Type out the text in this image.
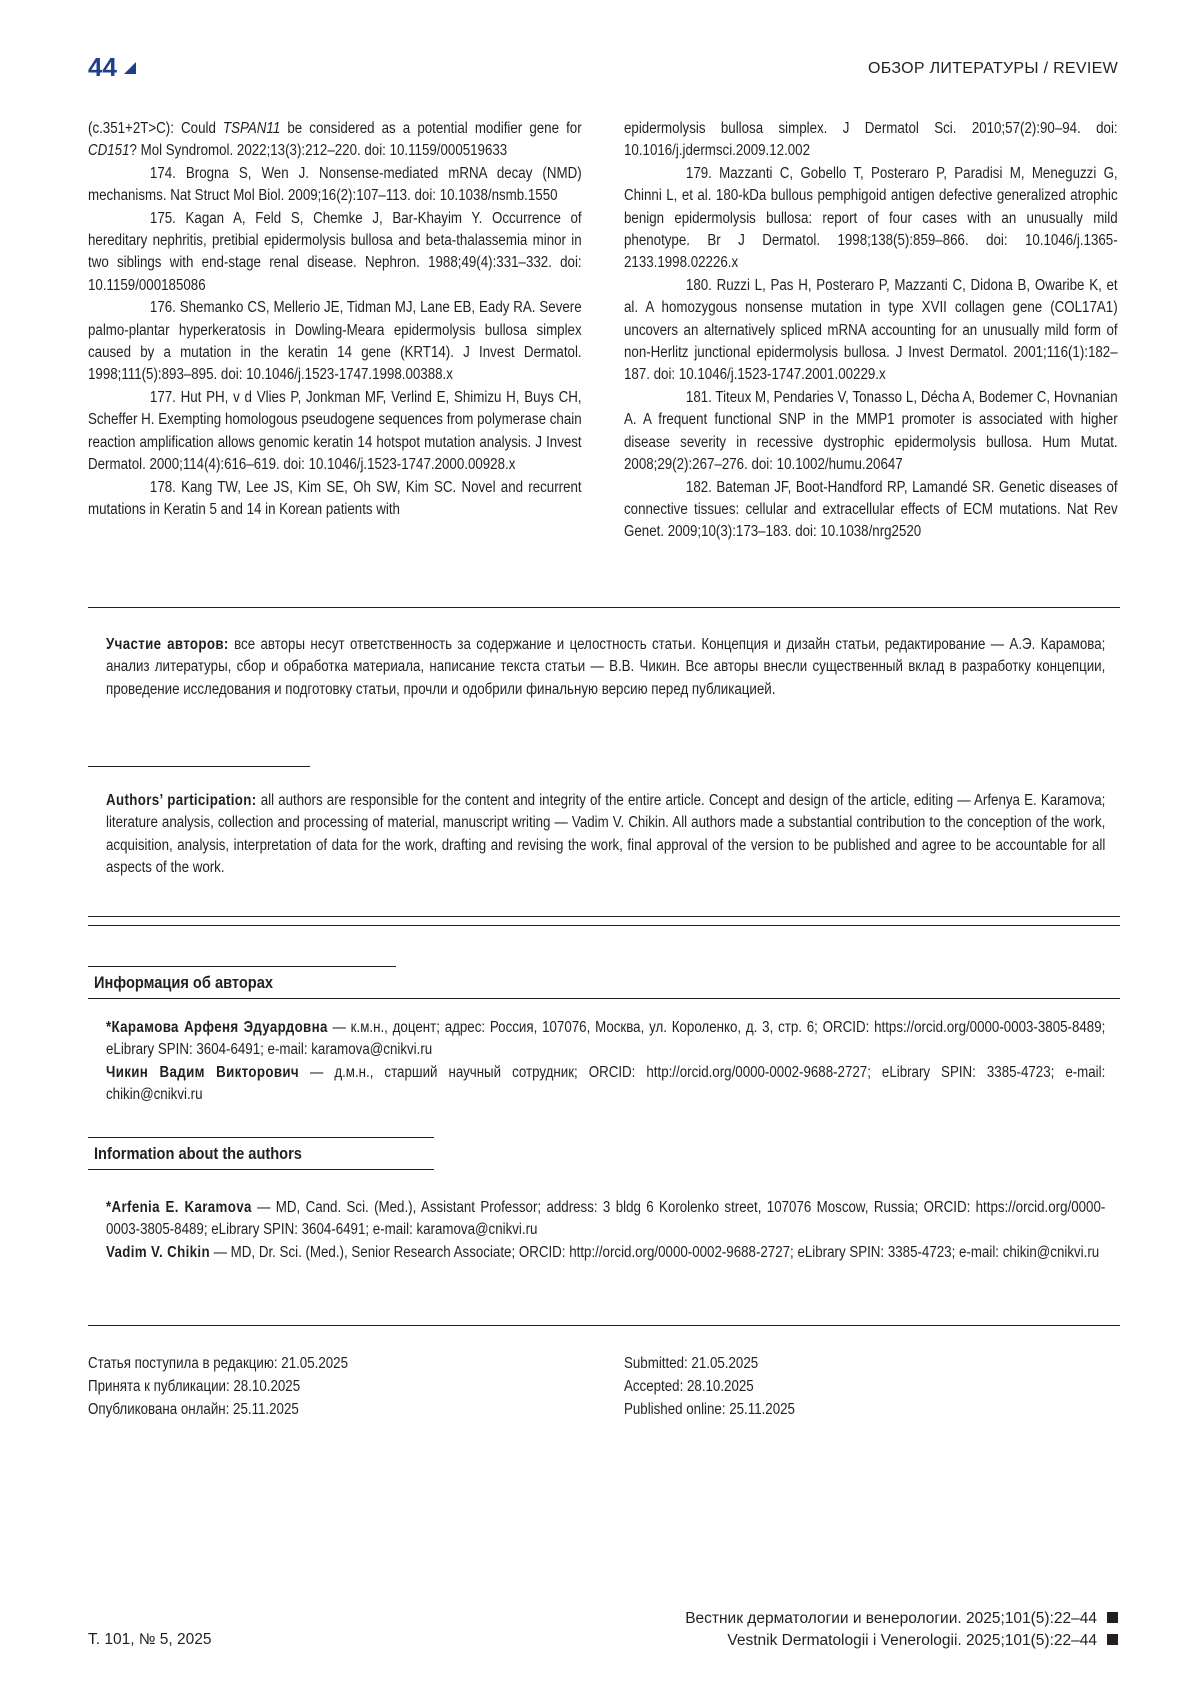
44	ОБЗОР ЛИТЕРАТУРЫ / REVIEW

(c.351+2T>C): Could TSPAN11 be considered as a potential modifier gene for CD151? Mol Syndromol. 2022;13(3):212–220. doi: 10.1159/000519633

174. Brogna S, Wen J. Nonsense-mediated mRNA decay (NMD) mechanisms. Nat Struct Mol Biol. 2009;16(2):107–113. doi: 10.1038/nsmb.1550

175. Kagan A, Feld S, Chemke J, Bar-Khayim Y. Occurrence of hereditary nephritis, pretibial epidermolysis bullosa and beta-thalassemia minor in two siblings with end-stage renal disease. Nephron. 1988;49(4):331–332. doi: 10.1159/000185086

176. Shemanko CS, Mellerio JE, Tidman MJ, Lane EB, Eady RA. Severe palmo-plantar hyperkeratosis in Dowling-Meara epidermolysis bullosa simplex caused by a mutation in the keratin 14 gene (KRT14). J Invest Dermatol. 1998;111(5):893–895. doi: 10.1046/j.1523-1747.1998.00388.x

177. Hut PH, v d Vlies P, Jonkman MF, Verlind E, Shimizu H, Buys CH, Scheffer H. Exempting homologous pseudogene sequences from polymerase chain reaction amplification allows genomic keratin 14 hotspot mutation analysis. J Invest Dermatol. 2000;114(4):616–619. doi: 10.1046/j.1523-1747.2000.00928.x

178. Kang TW, Lee JS, Kim SE, Oh SW, Kim SC. Novel and recurrent mutations in Keratin 5 and 14 in Korean patients with

epidermolysis bullosa simplex. J Dermatol Sci. 2010;57(2):90–94. doi: 10.1016/j.jdermsci.2009.12.002

179. Mazzanti C, Gobello T, Posteraro P, Paradisi M, Meneguzzi G, Chinni L, et al. 180-kDa bullous pemphigoid antigen defective generalized atrophic benign epidermolysis bullosa: report of four cases with an unusually mild phenotype. Br J Dermatol. 1998;138(5):859–866. doi: 10.1046/j.1365-2133.1998.02226.x

180. Ruzzi L, Pas H, Posteraro P, Mazzanti C, Didona B, Owaribe K, et al. A homozygous nonsense mutation in type XVII collagen gene (COL17A1) uncovers an alternatively spliced mRNA accounting for an unusually mild form of non-Herlitz junctional epidermolysis bullosa. J Invest Dermatol. 2001;116(1):182–187. doi: 10.1046/j.1523-1747.2001.00229.x

181. Titeux M, Pendaries V, Tonasso L, Décha A, Bodemer C, Hovnanian A. A frequent functional SNP in the MMP1 promoter is associated with higher disease severity in recessive dystrophic epidermolysis bullosa. Hum Mutat. 2008;29(2):267–276. doi: 10.1002/humu.20647

182. Bateman JF, Boot-Handford RP, Lamandé SR. Genetic diseases of connective tissues: cellular and extracellular effects of ECM mutations. Nat Rev Genet. 2009;10(3):173–183. doi: 10.1038/nrg2520

Участие авторов: все авторы несут ответственность за содержание и целостность статьи. Концепция и дизайн статьи, редактирование — А.Э. Карамова; анализ литературы, сбор и обработка материала, написание текста статьи — В.В. Чикин. Все авторы внесли существенный вклад в разработку концепции, проведение исследования и подготовку статьи, прочли и одобрили финальную версию перед публикацией.

Authors’ participation: all authors are responsible for the content and integrity of the entire article. Concept and design of the article, editing — Arfenya E. Karamova; literature analysis, collection and processing of material, manuscript writing — Vadim V. Chikin. All authors made a substantial contribution to the conception of the work, acquisition, analysis, interpretation of data for the work, drafting and revising the work, final approval of the version to be published and agree to be accountable for all aspects of the work.

Информация об авторах

*Карамова Арфеня Эдуардовна — к.м.н., доцент; адрес: Россия, 107076, Москва, ул. Короленко, д. 3, стр. 6; ORCID: https://orcid.org/0000-0003-3805-8489; eLibrary SPIN: 3604-6491; e-mail: karamova@cnikvi.ru

Чикин Вадим Викторович — д.м.н., старший научный сотрудник; ORCID: http://orcid.org/0000-0002-9688-2727; eLibrary SPIN: 3385-4723; e-mail: chikin@cnikvi.ru

Information about the authors

*Arfenia E. Karamova — MD, Cand. Sci. (Med.), Assistant Professor; address: 3 bldg 6 Korolenko street, 107076 Moscow, Russia; ORCID: https://orcid.org/0000-0003-3805-8489; eLibrary SPIN: 3604-6491; e-mail: karamova@cnikvi.ru

Vadim V. Chikin — MD, Dr. Sci. (Med.), Senior Research Associate; ORCID: http://orcid.org/0000-0002-9688-2727; eLibrary SPIN: 3385-4723; e-mail: chikin@cnikvi.ru

Статья поступила в редакцию: 21.05.2025
Принята к публикации: 28.10.2025
Опубликована онлайн: 25.11.2025
Submitted: 21.05.2025
Accepted: 28.10.2025
Published online: 25.11.2025
Т. 101, № 5, 2025
Вестник дерматологии и венерологии. 2025;101(5):22–44
Vestnik Dermatologii i Venerologii. 2025;101(5):22–44
